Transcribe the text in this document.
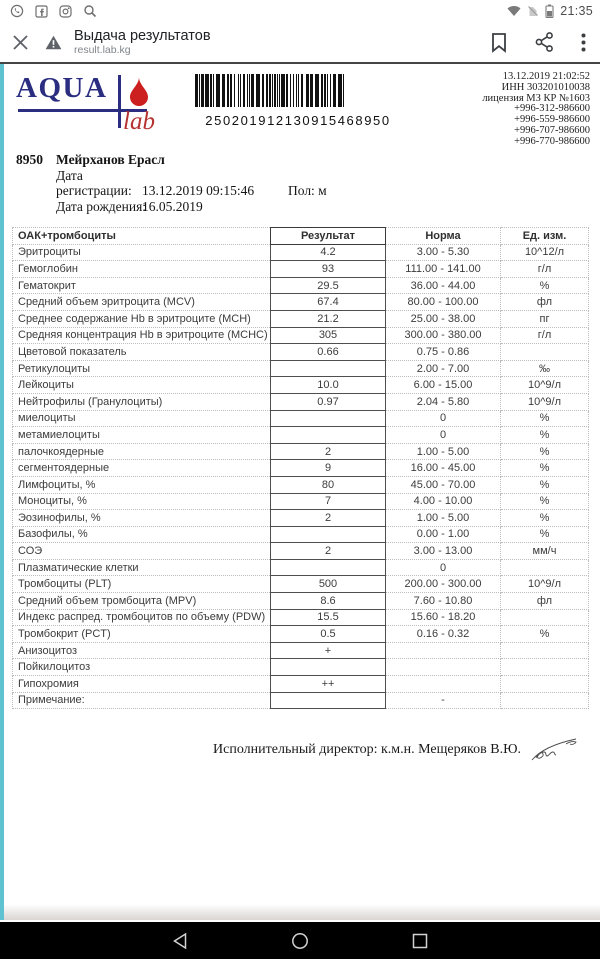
21:35
Выдача результатов
result.lab.kg
AQUA
lab	250201912130915468950
13.12.2019 21:02:52
ИНН 303201010038
лицензия МЗ КР №1603
+996-312-986600
+996-559-986600
+996-707-986600
+996-770-986600
8950 Мейрханов Ерасл
Дата
регистрации: 13.12.2019 09:15:46	Пол: м
Дата рождения:
16.05.2019
ОАК+тромбоциты	Результат	Норма	Ед. изм.
Эритроциты	4.2	3.00 - 5.30	10^12/л
Гемоглобин	93	111.00 - 141.00	г/л
Гематокрит	29.5	36.00 - 44.00	%
Средний объем эритроцита (MCV)	67.4	80.00 - 100.00	фл
Среднее содержание Hb в эритроците (MCH)	21.2	25.00 - 38.00	пг
Средняя концентрация Hb в эритроците (MCHC)	305	300.00 - 380.00	г/л
Цветовой показатель	0.66	0.75 - 0.86	
Ретикулоциты		2.00 - 7.00	‰
Лейкоциты	10.0	6.00 - 15.00	10^9/л
Нейтрофилы (Гранулоциты)	0.97	2.04 - 5.80	10^9/л
миелоциты		0	%
метамиелоциты		0	%
палочкоядерные	2	1.00 - 5.00	%
сегментоядерные	9	16.00 - 45.00	%
Лимфоциты, %	80	45.00 - 70.00	%
Моноциты, %	7	4.00 - 10.00	%
Эозинофилы, %	2	1.00 - 5.00	%
Базофилы, %		0.00 - 1.00	%
СОЭ	2	3.00 - 13.00	мм/ч
Плазматические клетки		0	
Тромбоциты (PLT)	500	200.00 - 300.00	10^9/л
Средний объем тромбоцита (MPV)	8.6	7.60 - 10.80	фл
Индекс распред. тромбоцитов по объему (PDW)	15.5	15.60 - 18.20	
Тромбокрит (PCT)	0.5	0.16 - 0.32	%
Анизоцитоз	+		
Пойкилоцитоз			
Гипохромия	++		
Примечание:		-	
Исполнительный директор: к.м.н. Мещеряков В.Ю.
